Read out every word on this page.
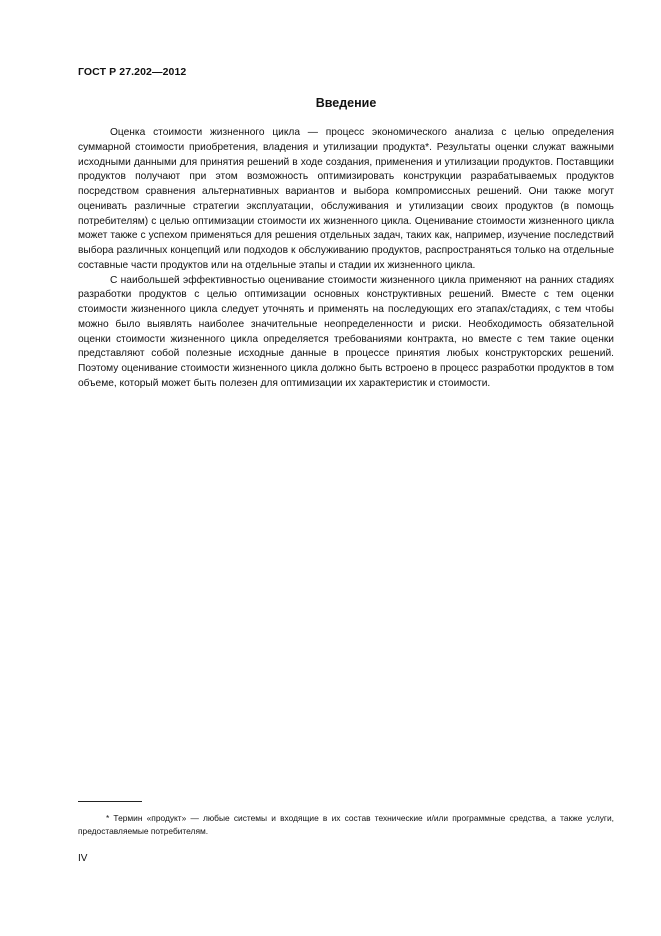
ГОСТ Р 27.202—2012
Введение

Оценка стоимости жизненного цикла — процесс экономического анализа с целью определения суммарной стоимости приобретения, владения и утилизации продукта*. Результаты оценки служат важными исходными данными для принятия решений в ходе создания, применения и утилизации продуктов. Поставщики продуктов получают при этом возможность оптимизировать конструкции разрабатываемых продуктов посредством сравнения альтернативных вариантов и выбора компромиссных решений. Они также могут оценивать различные стратегии эксплуатации, обслуживания и утилизации своих продуктов (в помощь потребителям) с целью оптимизации стоимости их жизненного цикла. Оценивание стоимости жизненного цикла может также с успехом применяться для решения отдельных задач, таких как, например, изучение последствий выбора различных концепций или подходов к обслуживанию продуктов, распространяться только на отдельные составные части продуктов или на отдельные этапы и стадии их жизненного цикла.

С наибольшей эффективностью оценивание стоимости жизненного цикла применяют на ранних стадиях разработки продуктов с целью оптимизации основных конструктивных решений. Вместе с тем оценки стоимости жизненного цикла следует уточнять и применять на последующих его этапах/стадиях, с тем чтобы можно было выявлять наиболее значительные неопределенности и риски. Необходимость обязательной оценки стоимости жизненного цикла определяется требованиями контракта, но вместе с тем такие оценки представляют собой полезные исходные данные в процессе принятия любых конструкторских решений. Поэтому оценивание стоимости жизненного цикла должно быть встроено в процесс разработки продуктов в том объеме, который может быть полезен для оптимизации их характеристик и стоимости.

* Термин «продукт» — любые системы и входящие в их состав технические и/или программные средства, а также услуги, предоставляемые потребителям.
IV
